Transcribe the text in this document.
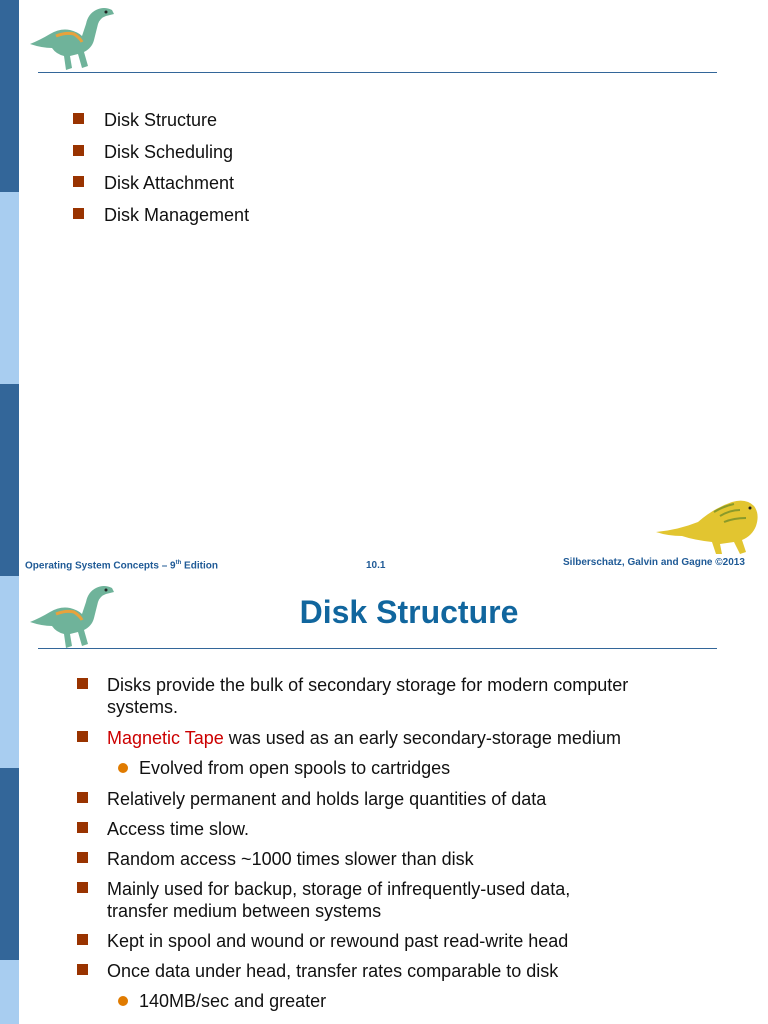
Disk Structure
Disk Scheduling
Disk Attachment
Disk Management
Operating System Concepts – 9th Edition	10.1	Silberschatz, Galvin and Gagne ©2013
Disk Structure
Disks provide the bulk of secondary storage for modern computer systems.
Magnetic Tape was used as an early secondary-storage medium
Evolved from open spools to cartridges
Relatively permanent and holds large quantities of data
Access time slow.
Random access ~1000 times slower than disk
Mainly used for backup, storage of infrequently-used data, transfer medium between systems
Kept in spool and wound or rewound past read-write head
Once data under head, transfer rates comparable to disk
140MB/sec and greater
